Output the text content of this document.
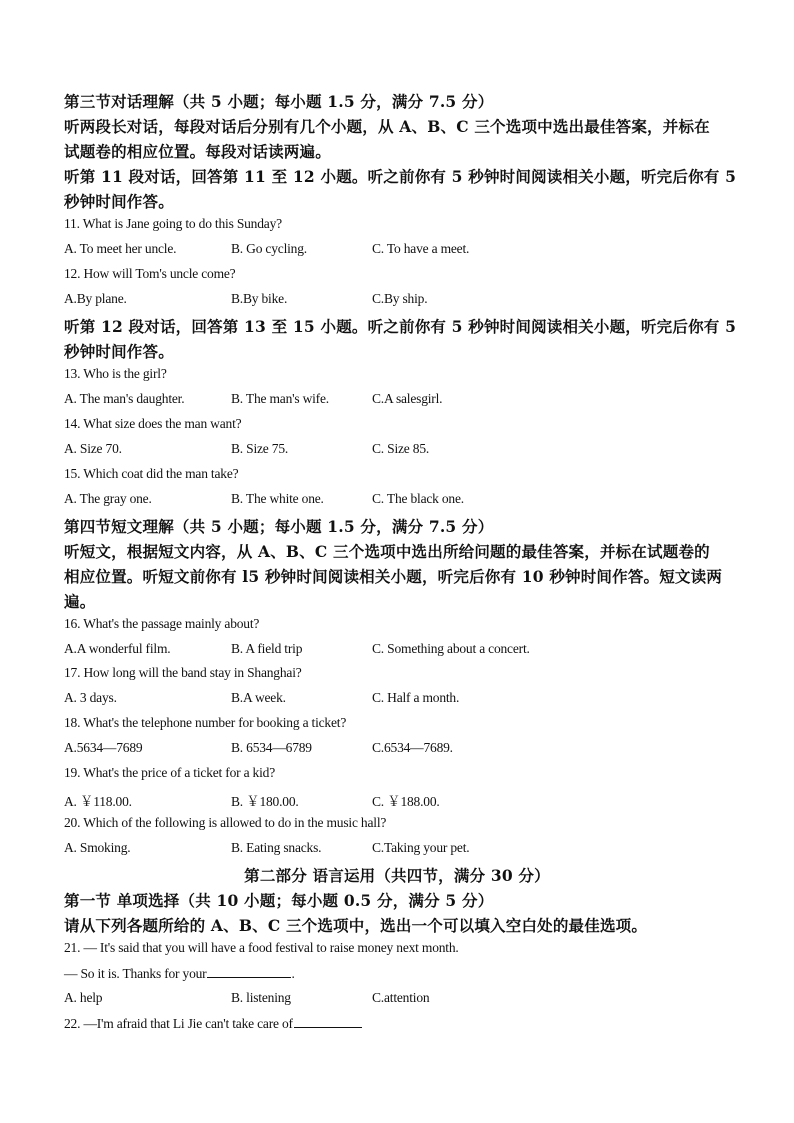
第三节对话理解（共 5 小题；每小题 1.5 分，满分 7.5 分）
听两段长对话，每段对话后分别有几个小题，从 A、B、C 三个选项中选出最佳答案，并标在
试题卷的相应位置。每段对话读两遍。
听第 11 段对话，回答第 11 至 12 小题。听之前你有 5 秒钟时间阅读相关小题，听完后你有 5
秒钟时间作答。
11. What is Jane going to do this Sunday?
A. To meet her uncle.	B. Go cycling.	C. To have a meet.
12. How will Tom's uncle come?
A.By plane.	B.By bike.	C.By ship.
听第 12 段对话，回答第 13 至 15 小题。听之前你有 5 秒钟时间阅读相关小题，听完后你有 5
秒钟时间作答。
13. Who is the girl?
A. The man's daughter.	B. The man's wife.	C.A salesgirl.
14. What size does the man want?
A. Size 70.	B. Size 75.	C. Size 85.
15. Which coat did the man take?
A. The gray one.	B. The white one.	C. The black one.
第四节短文理解（共 5 小题；每小题 1.5 分，满分 7.5 分）
听短文，根据短文内容，从 A、B、C 三个选项中选出所给问题的最佳答案，并标在试题卷的
相应位置。听短文前你有 l5 秒钟时间阅读相关小题，听完后你有 10 秒钟时间作答。短文读两
遍。
16. What's the passage mainly about?
A.A wonderful film.	B. A field trip	C. Something about a concert.
17. How long will the band stay in Shanghai?
A. 3 days.	B.A week.	C. Half a month.
18. What's the telephone number for booking a ticket?
A.5634—7689	B. 6534—6789	C.6534—7689.
19. What's the price of a ticket for a kid?
A. ￥118.00.	B. ￥180.00.	C. ￥188.00.
20. Which of the following is allowed to do in the music hall?
A. Smoking.	B. Eating snacks.	C.Taking your pet.
第二部分 语言运用（共四节，满分 30 分）
第一节 单项选择（共 10 小题；每小题 0.5 分，满分 5 分）
请从下列各题所给的 A、B、C 三个选项中，选出一个可以填入空白处的最佳选项。
21. — It's said that you will have a food festival to raise money next month.
— So it is. Thanks for your	.
A. help	B. listening	C.attention
22. —I'm afraid that Li Jie can't take care of
